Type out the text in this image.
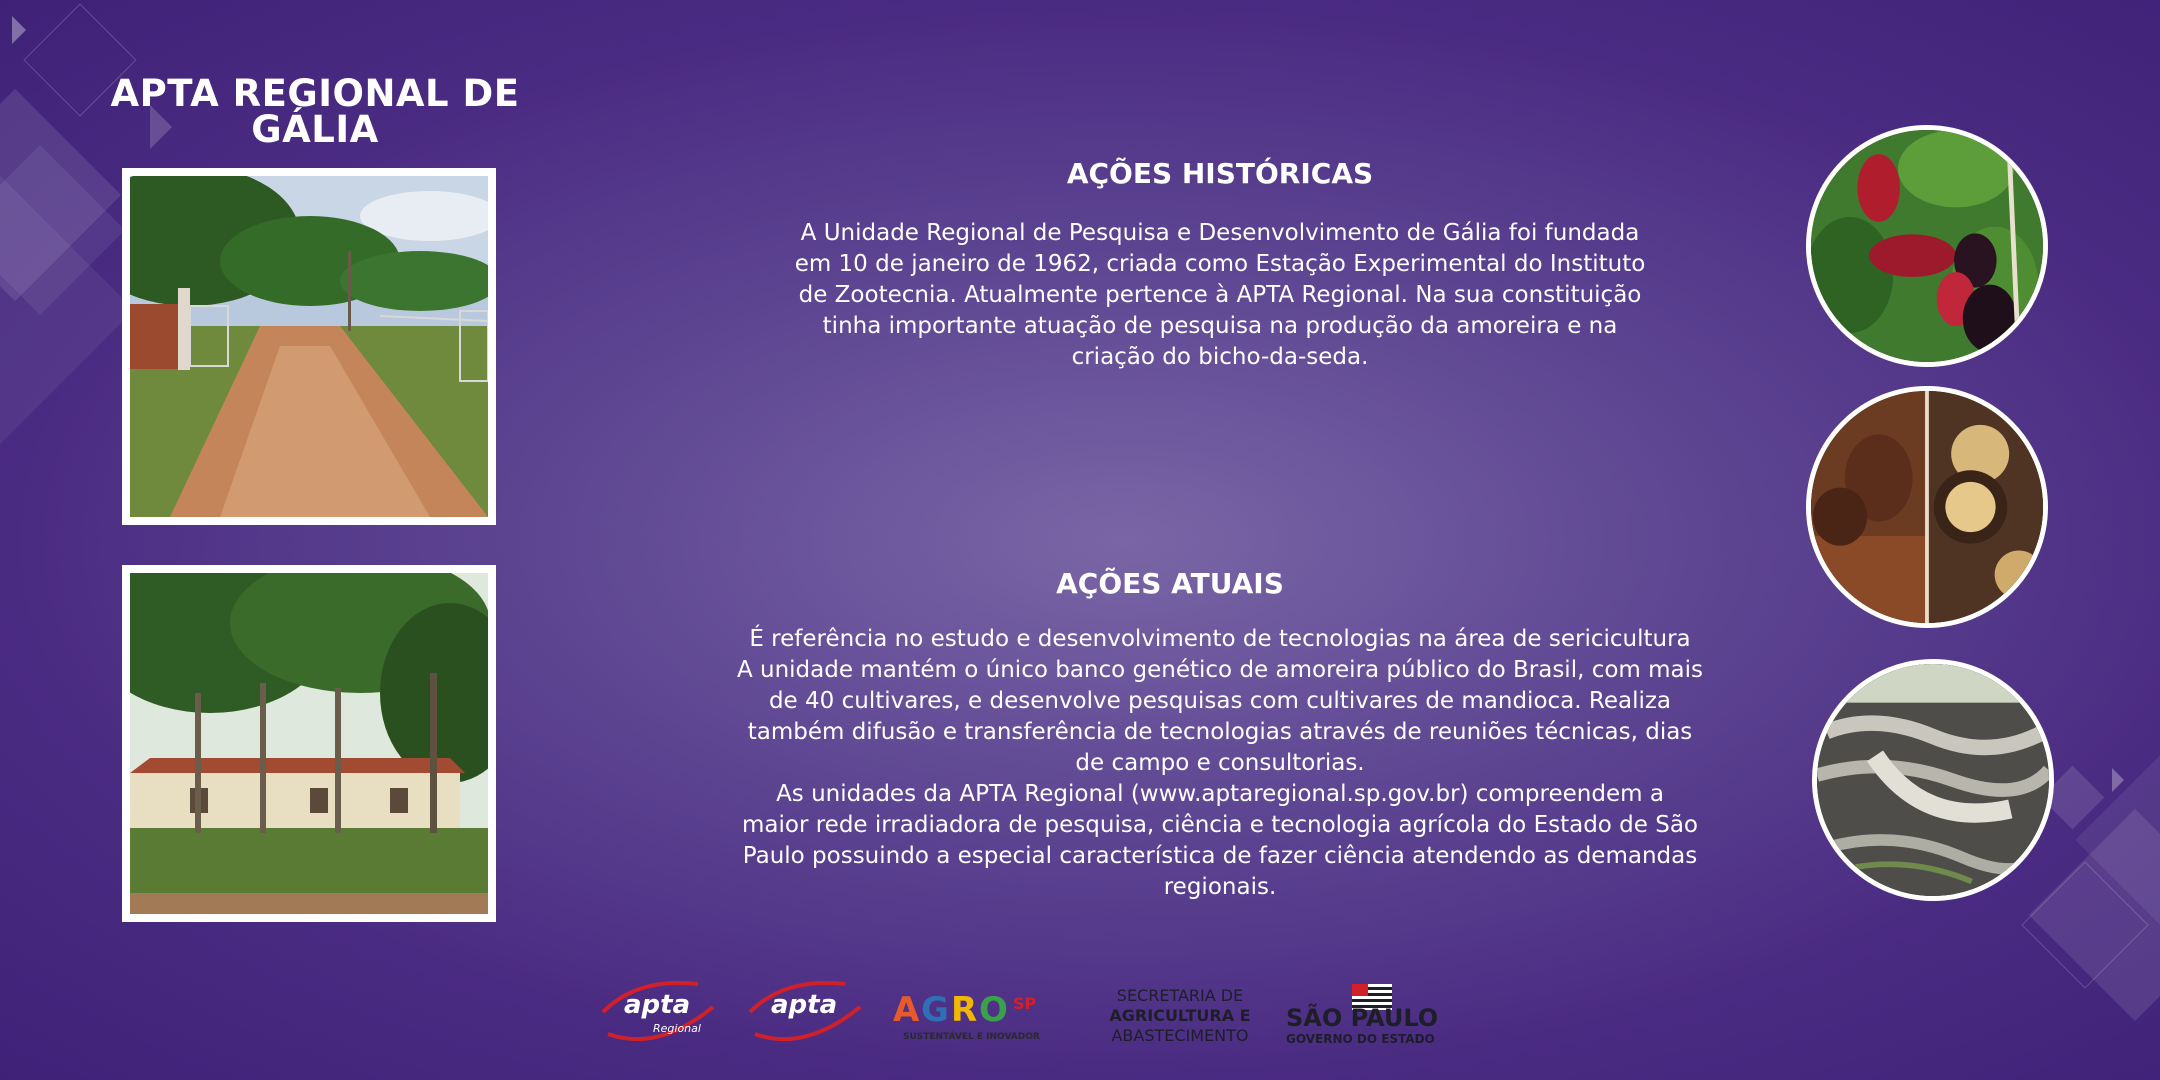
APTA REGIONAL DE GÁLIA
AÇÕES HISTÓRICAS
A Unidade Regional de Pesquisa e Desenvolvimento de Gália foi fundada
em 10 de janeiro de 1962, criada como Estação Experimental do Instituto
de Zootecnia. Atualmente pertence à APTA Regional. Na sua constituição
tinha importante atuação de pesquisa na produção da amoreira e na
criação do bicho-da-seda.
AÇÕES ATUAIS
É referência no estudo e desenvolvimento de tecnologias na área de sericicultura
A unidade mantém o único banco genético de amoreira público do Brasil, com mais
de 40 cultivares, e desenvolve pesquisas com cultivares de mandioca. Realiza
também difusão e transferência de tecnologias através de reuniões técnicas, dias
de campo e consultorias.
As unidades da APTA Regional (www.aptaregional.sp.gov.br) compreendem a
maior rede irradiadora de pesquisa, ciência e tecnologia agrícola do Estado de São
Paulo possuindo a especial característica de fazer ciência atendendo as demandas
regionais.
apta
Regional
apta A G R O SP
SUSTENTÁVEL E INOVADOR
SECRETARIA DE
AGRICULTURA E
ABASTECIMENTO
SÃO PAULO
GOVERNO DO ESTADO
